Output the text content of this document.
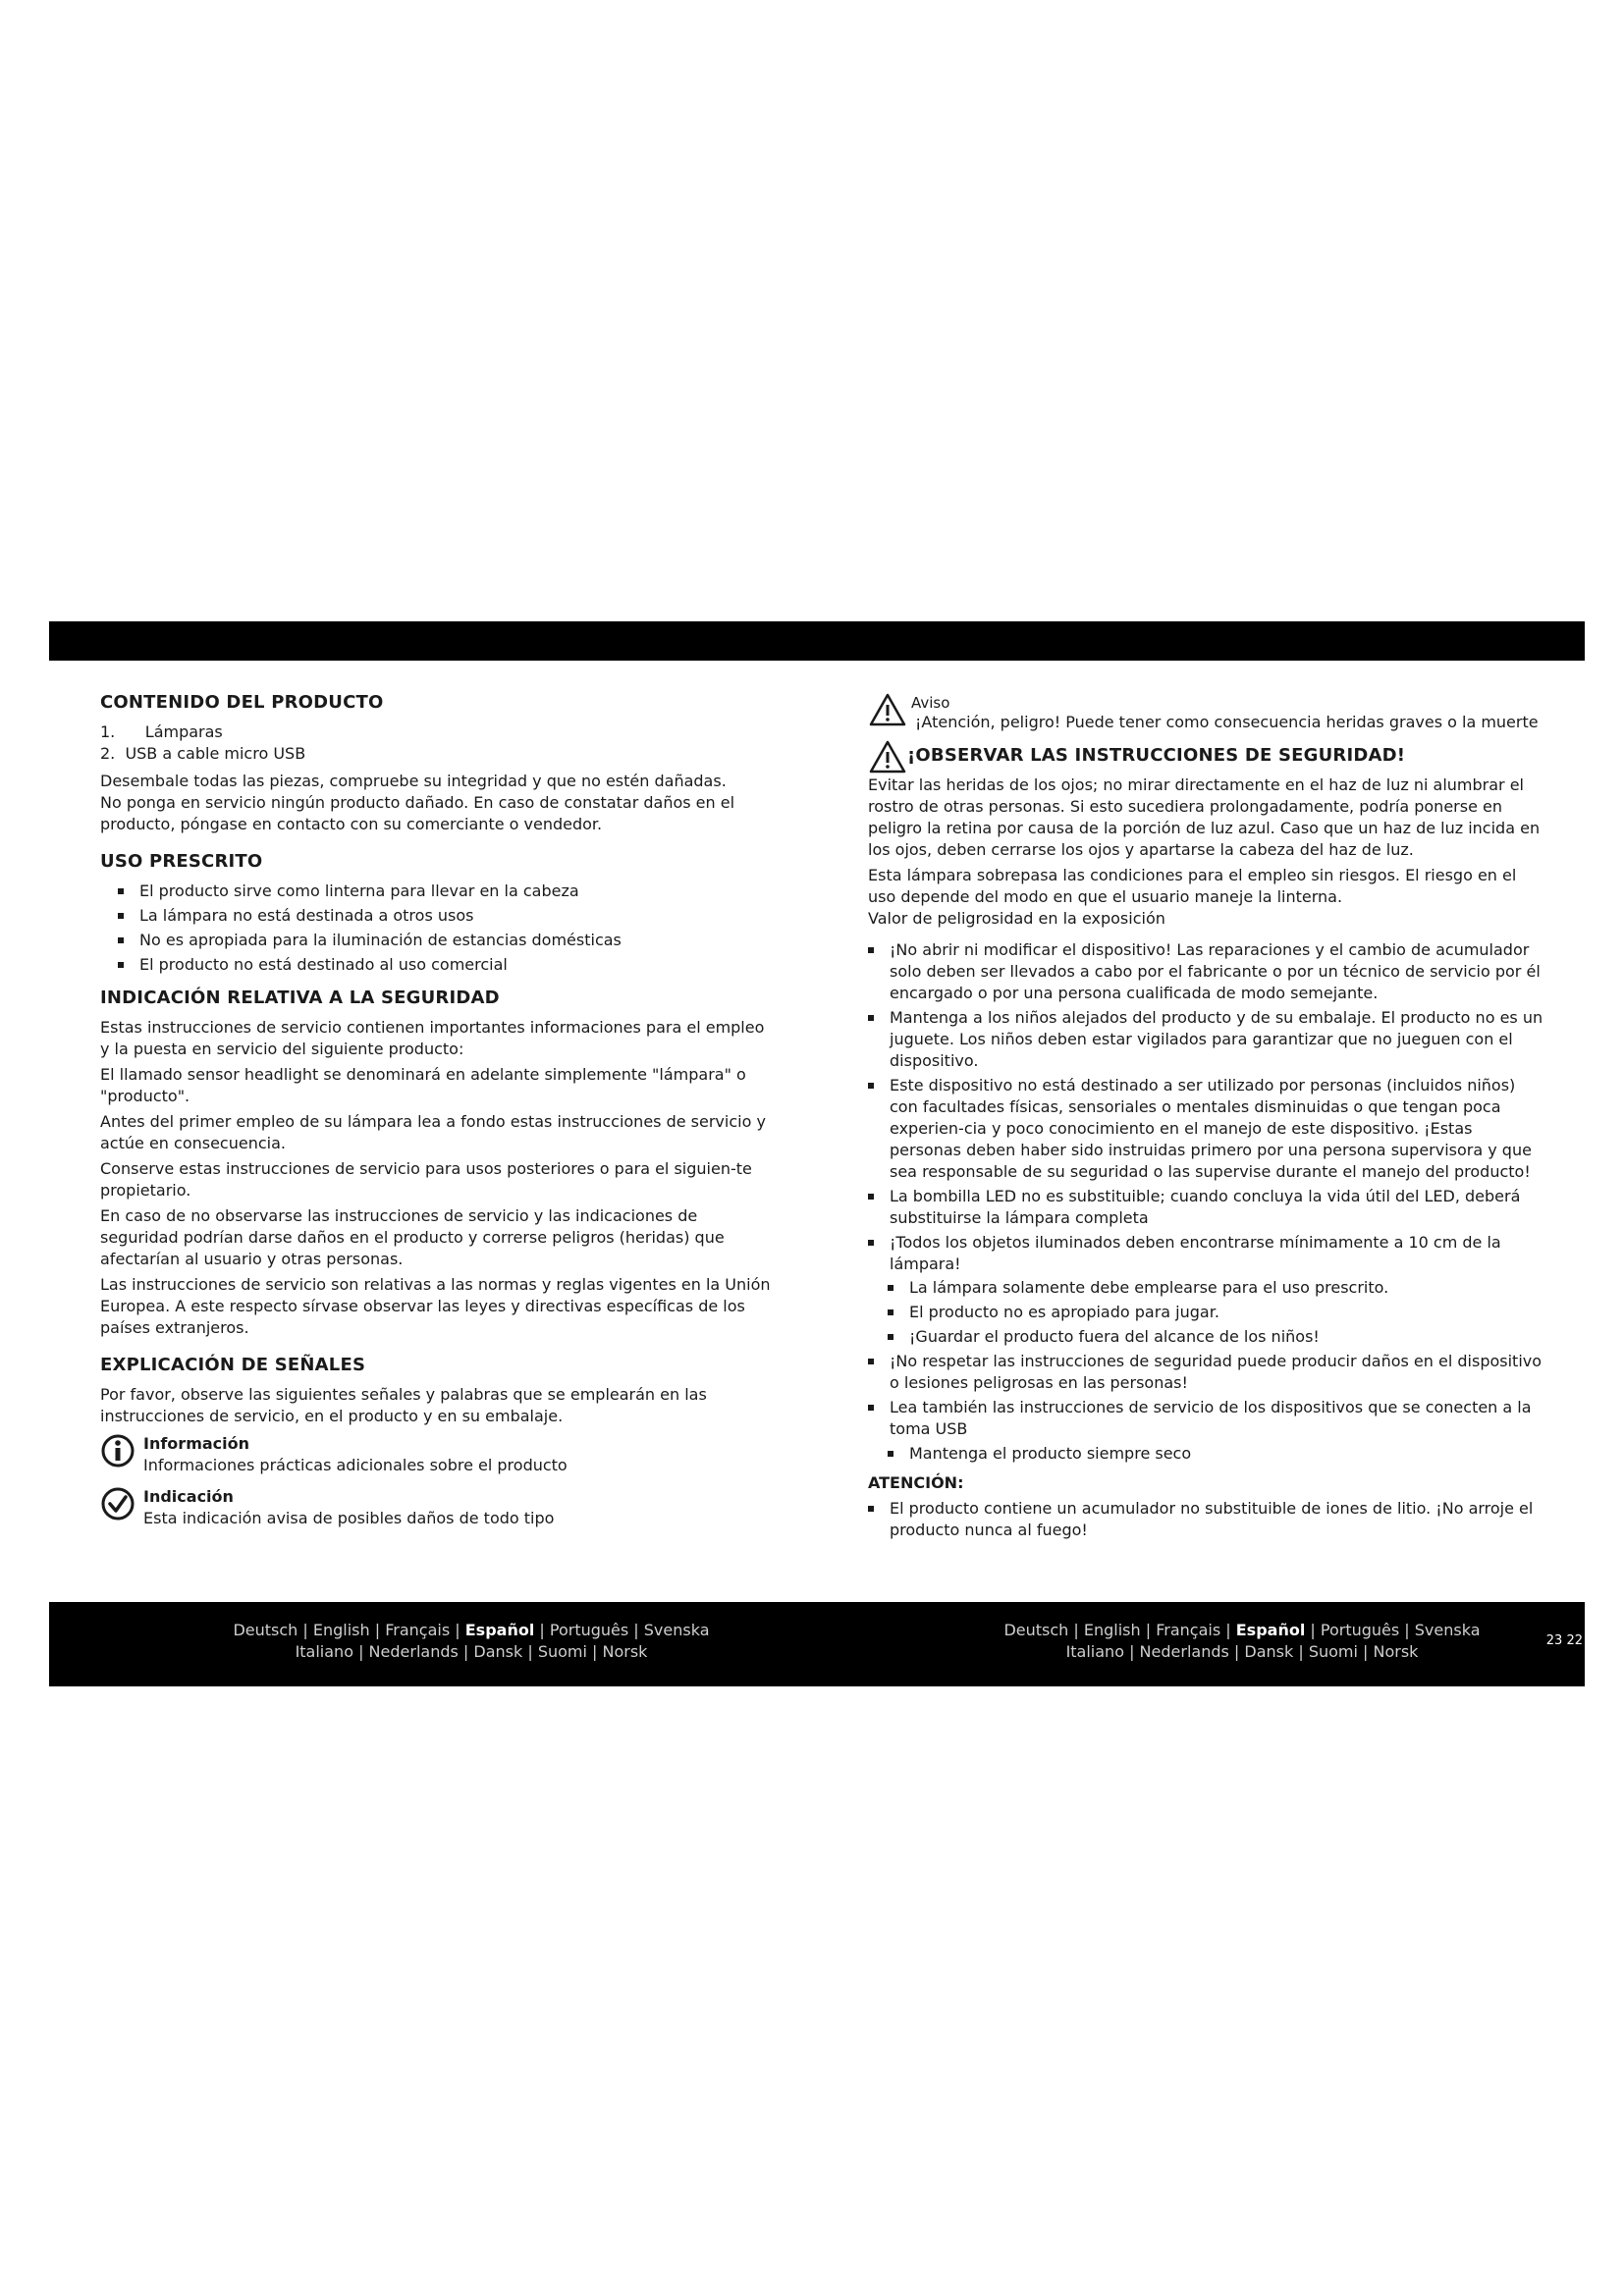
CONTENIDO DEL PRODUCTO
1.      Lámparas
2.  USB a cable micro USB

Desembale todas las piezas, compruebe su integridad y que no estén dañadas.

No ponga en servicio ningún producto dañado. En caso de constatar daños en el producto, póngase en contacto con su comerciante o vendedor.

USO PRESCRITO
El producto sirve como linterna para llevar en la cabeza
La lámpara no está destinada a otros usos
No es apropiada para la iluminación de estancias domésticas
El producto no está destinado al uso comercial
INDICACIÓN RELATIVA A LA SEGURIDAD

Estas instrucciones de servicio contienen importantes informaciones para el empleo y la puesta en servicio del siguiente producto:

El llamado sensor headlight se denominará en adelante simplemente "lámpara" o "producto".

Antes del primer empleo de su lámpara lea a fondo estas instrucciones de servicio y actúe en consecuencia.

Conserve estas instrucciones de servicio para usos posteriores o para el siguien-te propietario.

En caso de no observarse las instrucciones de servicio y las indicaciones de seguridad podrían darse daños en el producto y correrse peligros (heridas) que afectarían al usuario y otras personas.

Las instrucciones de servicio son relativas a las normas y reglas vigentes en la Unión Europea. A este respecto sírvase observar las leyes y directivas específicas de los países extranjeros.

EXPLICACIÓN DE SEÑALES

Por favor, observe las siguientes señales y palabras que se emplearán en las instrucciones de servicio, en el producto y en su embalaje.

Información
Informaciones prácticas adicionales sobre el producto
Indicación
Esta indicación avisa de posibles daños de todo tipo
Aviso
¡Atención, peligro! Puede tener como consecuencia heridas graves o la muerte
¡OBSERVAR LAS INSTRUCCIONES DE SEGURIDAD!

Evitar las heridas de los ojos; no mirar directamente en el haz de luz ni alumbrar el rostro de otras personas. Si esto sucediera prolongadamente, podría ponerse en peligro la retina por causa de la porción de luz azul. Caso que un haz de luz incida en los ojos, deben cerrarse los ojos y apartarse la cabeza del haz de luz.

Esta lámpara sobrepasa las condiciones para el empleo sin riesgos. El riesgo en el uso depende del modo en que el usuario maneje la linterna.

Valor de peligrosidad en la exposición

¡No abrir ni modificar el dispositivo! Las reparaciones y el cambio de acumulador solo deben ser llevados a cabo por el fabricante o por un técnico de servicio por él encargado o por una persona cualificada de modo semejante.
Mantenga a los niños alejados del producto y de su embalaje. El producto no es un juguete. Los niños deben estar vigilados para garantizar que no jueguen con el dispositivo.
Este dispositivo no está destinado a ser utilizado por personas (incluidos niños) con facultades físicas, sensoriales o mentales disminuidas o que tengan poca experien-cia y poco conocimiento en el manejo de este dispositivo. ¡Estas personas deben haber sido instruidas primero por una persona supervisora y que sea responsable de su seguridad o las supervise durante el manejo del producto!
La bombilla LED no es substituible; cuando concluya la vida útil del LED, deberá substituirse la lámpara completa
¡Todos los objetos iluminados deben encontrarse mínimamente a 10 cm de la lámpara!
La lámpara solamente debe emplearse para el uso prescrito.
El producto no es apropiado para jugar.
¡Guardar el producto fuera del alcance de los niños!
¡No respetar las instrucciones de seguridad puede producir daños en el dispositivo o lesiones peligrosas en las personas!
Lea también las instrucciones de servicio de los dispositivos que se conecten a la toma USB
Mantenga el producto siempre seco
ATENCIÓN:
El producto contiene un acumulador no substituible de iones de litio. ¡No arroje el producto nunca al fuego!
Deutsch | English | Français | Español | Português | Svenska
Italiano | Nederlands | Dansk | Suomi | Norsk
Deutsch | English | Français | Español | Português | Svenska
Italiano | Nederlands | Dansk | Suomi | Norsk
23 22
